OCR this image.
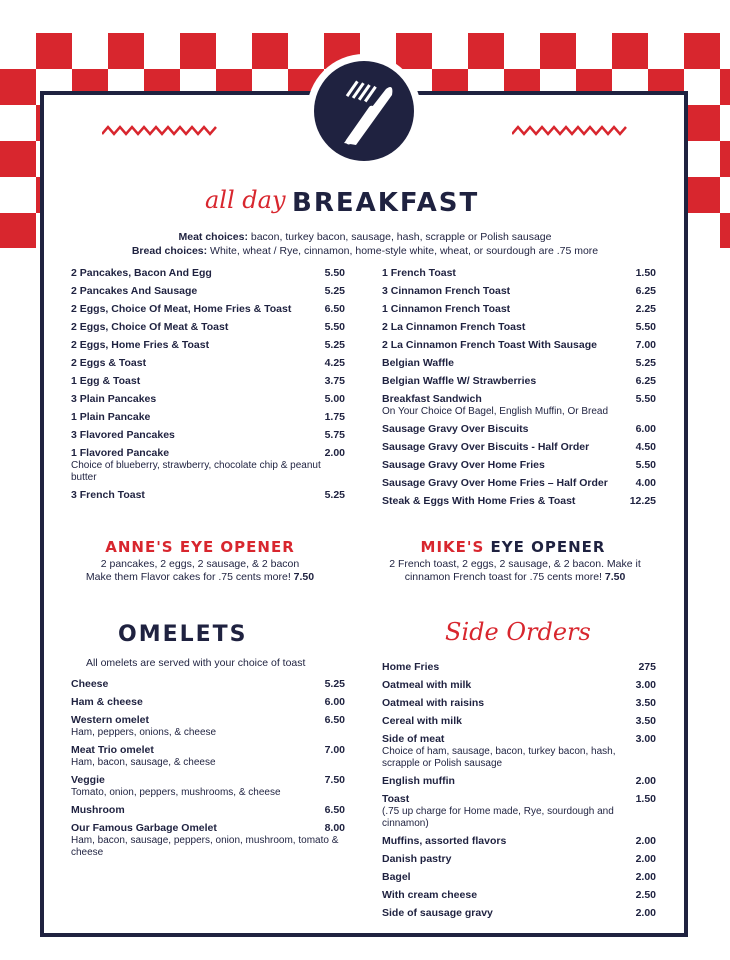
all day BREAKFAST
Meat choices: bacon, turkey bacon, sausage, hash, scrapple or Polish sausage
Bread choices: White, wheat / Rye, cinnamon, home-style white, wheat, or sourdough are .75 more
2 Pancakes, Bacon And Egg	5.50
2 Pancakes And Sausage	5.25
2 Eggs, Choice Of Meat, Home Fries & Toast	6.50
2 Eggs, Choice Of Meat & Toast	5.50
2 Eggs, Home Fries & Toast	5.25
2 Eggs & Toast	4.25
1 Egg & Toast	3.75
3 Plain Pancakes	5.00
1 Plain Pancake	1.75
3 Flavored Pancakes	5.75
1 Flavored Pancake	2.00
Choice of blueberry, strawberry, chocolate chip & peanut butter
3 French Toast	5.25
1 French Toast	1.50
3 Cinnamon French Toast	6.25
1 Cinnamon French Toast	2.25
2 La Cinnamon French Toast	5.50
2 La Cinnamon French Toast With Sausage	7.00
Belgian Waffle	5.25
Belgian Waffle W/ Strawberries	6.25
Breakfast Sandwich	5.50
On Your Choice Of Bagel, English Muffin, Or Bread
Sausage Gravy Over Biscuits	6.00
Sausage Gravy Over Biscuits - Half Order	4.50
Sausage Gravy Over Home Fries	5.50
Sausage Gravy Over Home Fries – Half Order	4.00
Steak & Eggs With Home Fries & Toast	12.25
ANNE'S EYE OPENER
2 pancakes, 2 eggs, 2 sausage, & 2 bacon
Make them Flavor cakes for .75 cents more! 7.50
MIKE'S EYE OPENER
2 French toast, 2 eggs, 2 sausage, & 2 bacon. Make it
cinnamon French toast for .75 cents more! 7.50
OMELETS
All omelets are served with your choice of toast
Cheese	5.25
Ham & cheese	6.00
Western omelet	6.50
Ham, peppers, onions, & cheese
Meat Trio omelet	7.00
Ham, bacon, sausage, & cheese
Veggie	7.50
Tomato, onion, peppers, mushrooms, & cheese
Mushroom	6.50
Our Famous Garbage Omelet	8.00
Ham, bacon, sausage, peppers, onion, mushroom, tomato & cheese
Side Orders
Home Fries	275
Oatmeal with milk	3.00
Oatmeal with raisins	3.50
Cereal with milk	3.50
Side of meat	3.00
Choice of ham, sausage, bacon, turkey bacon, hash, scrapple or Polish sausage
English muffin	2.00
Toast	1.50
(.75 up charge for Home made, Rye, sourdough and cinnamon)
Muffins, assorted flavors	2.00
Danish pastry	2.00
Bagel	2.00
With cream cheese	2.50
Side of sausage gravy	2.00
